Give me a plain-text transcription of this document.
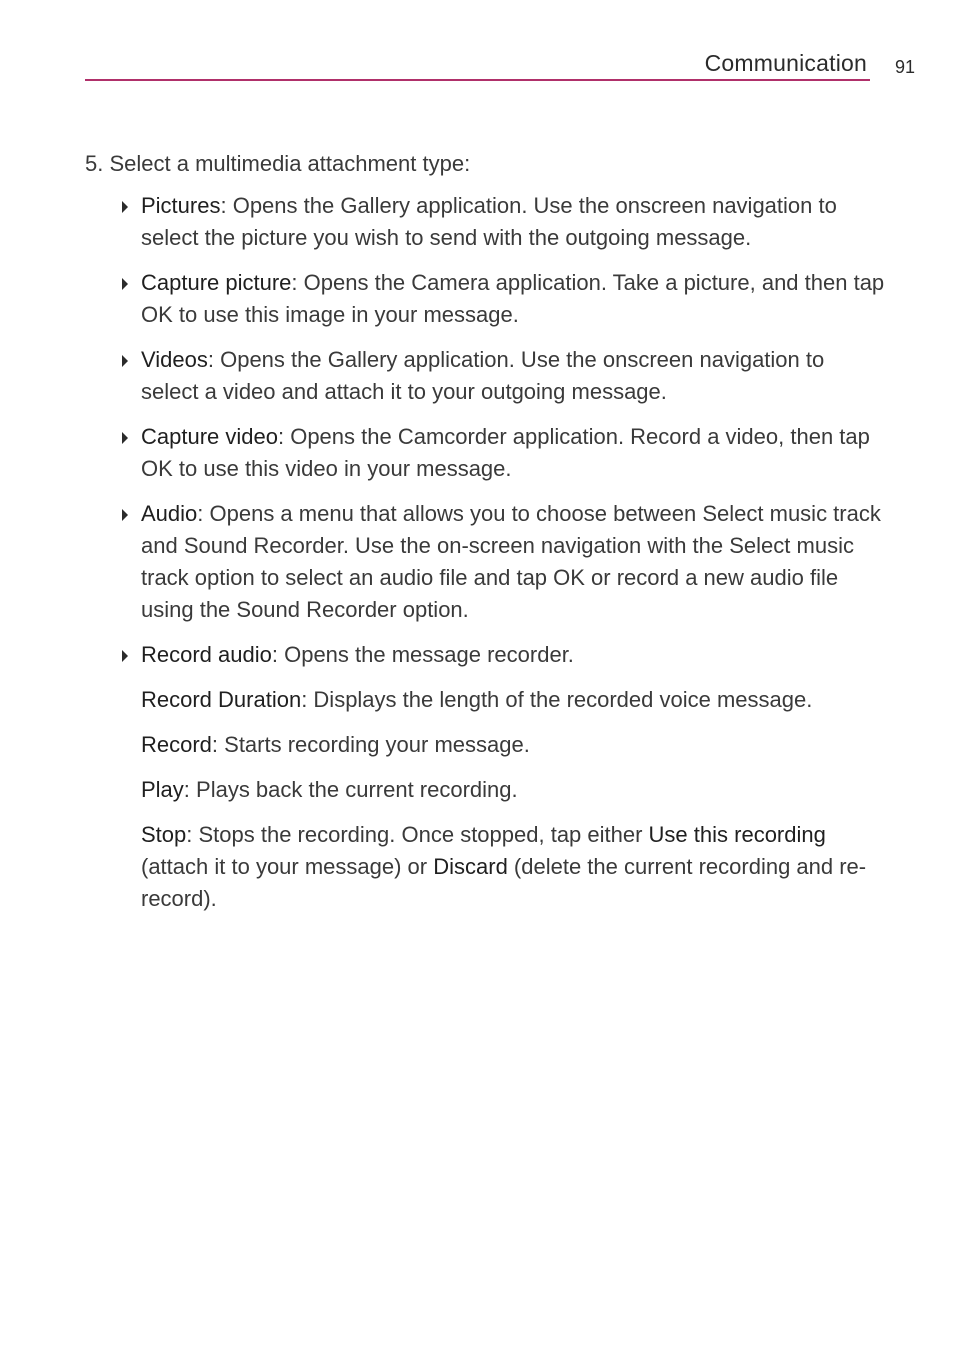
Communication 91

5. Select a multimedia attachment type:

Pictures: Opens the Gallery application. Use the onscreen navigation to select the picture you wish to send with the outgoing message.

Capture picture: Opens the Camera application. Take a picture, and then tap OK to use this image in your message.

Videos: Opens the Gallery application. Use the onscreen navigation to select a video and attach it to your outgoing message.

Capture video: Opens the Camcorder application. Record a video, then tap OK to use this video in your message.

Audio: Opens a menu that allows you to choose between Select music track and Sound Recorder. Use the on-screen navigation with the Select music track option to select an audio file and tap OK or record a new audio file using the Sound Recorder option.

Record audio: Opens the message recorder.

Record Duration: Displays the length of the recorded voice message.

Record: Starts recording your message.

Play: Plays back the current recording.

Stop: Stops the recording. Once stopped, tap either Use this recording (attach it to your message) or Discard (delete the current recording and re-record).
